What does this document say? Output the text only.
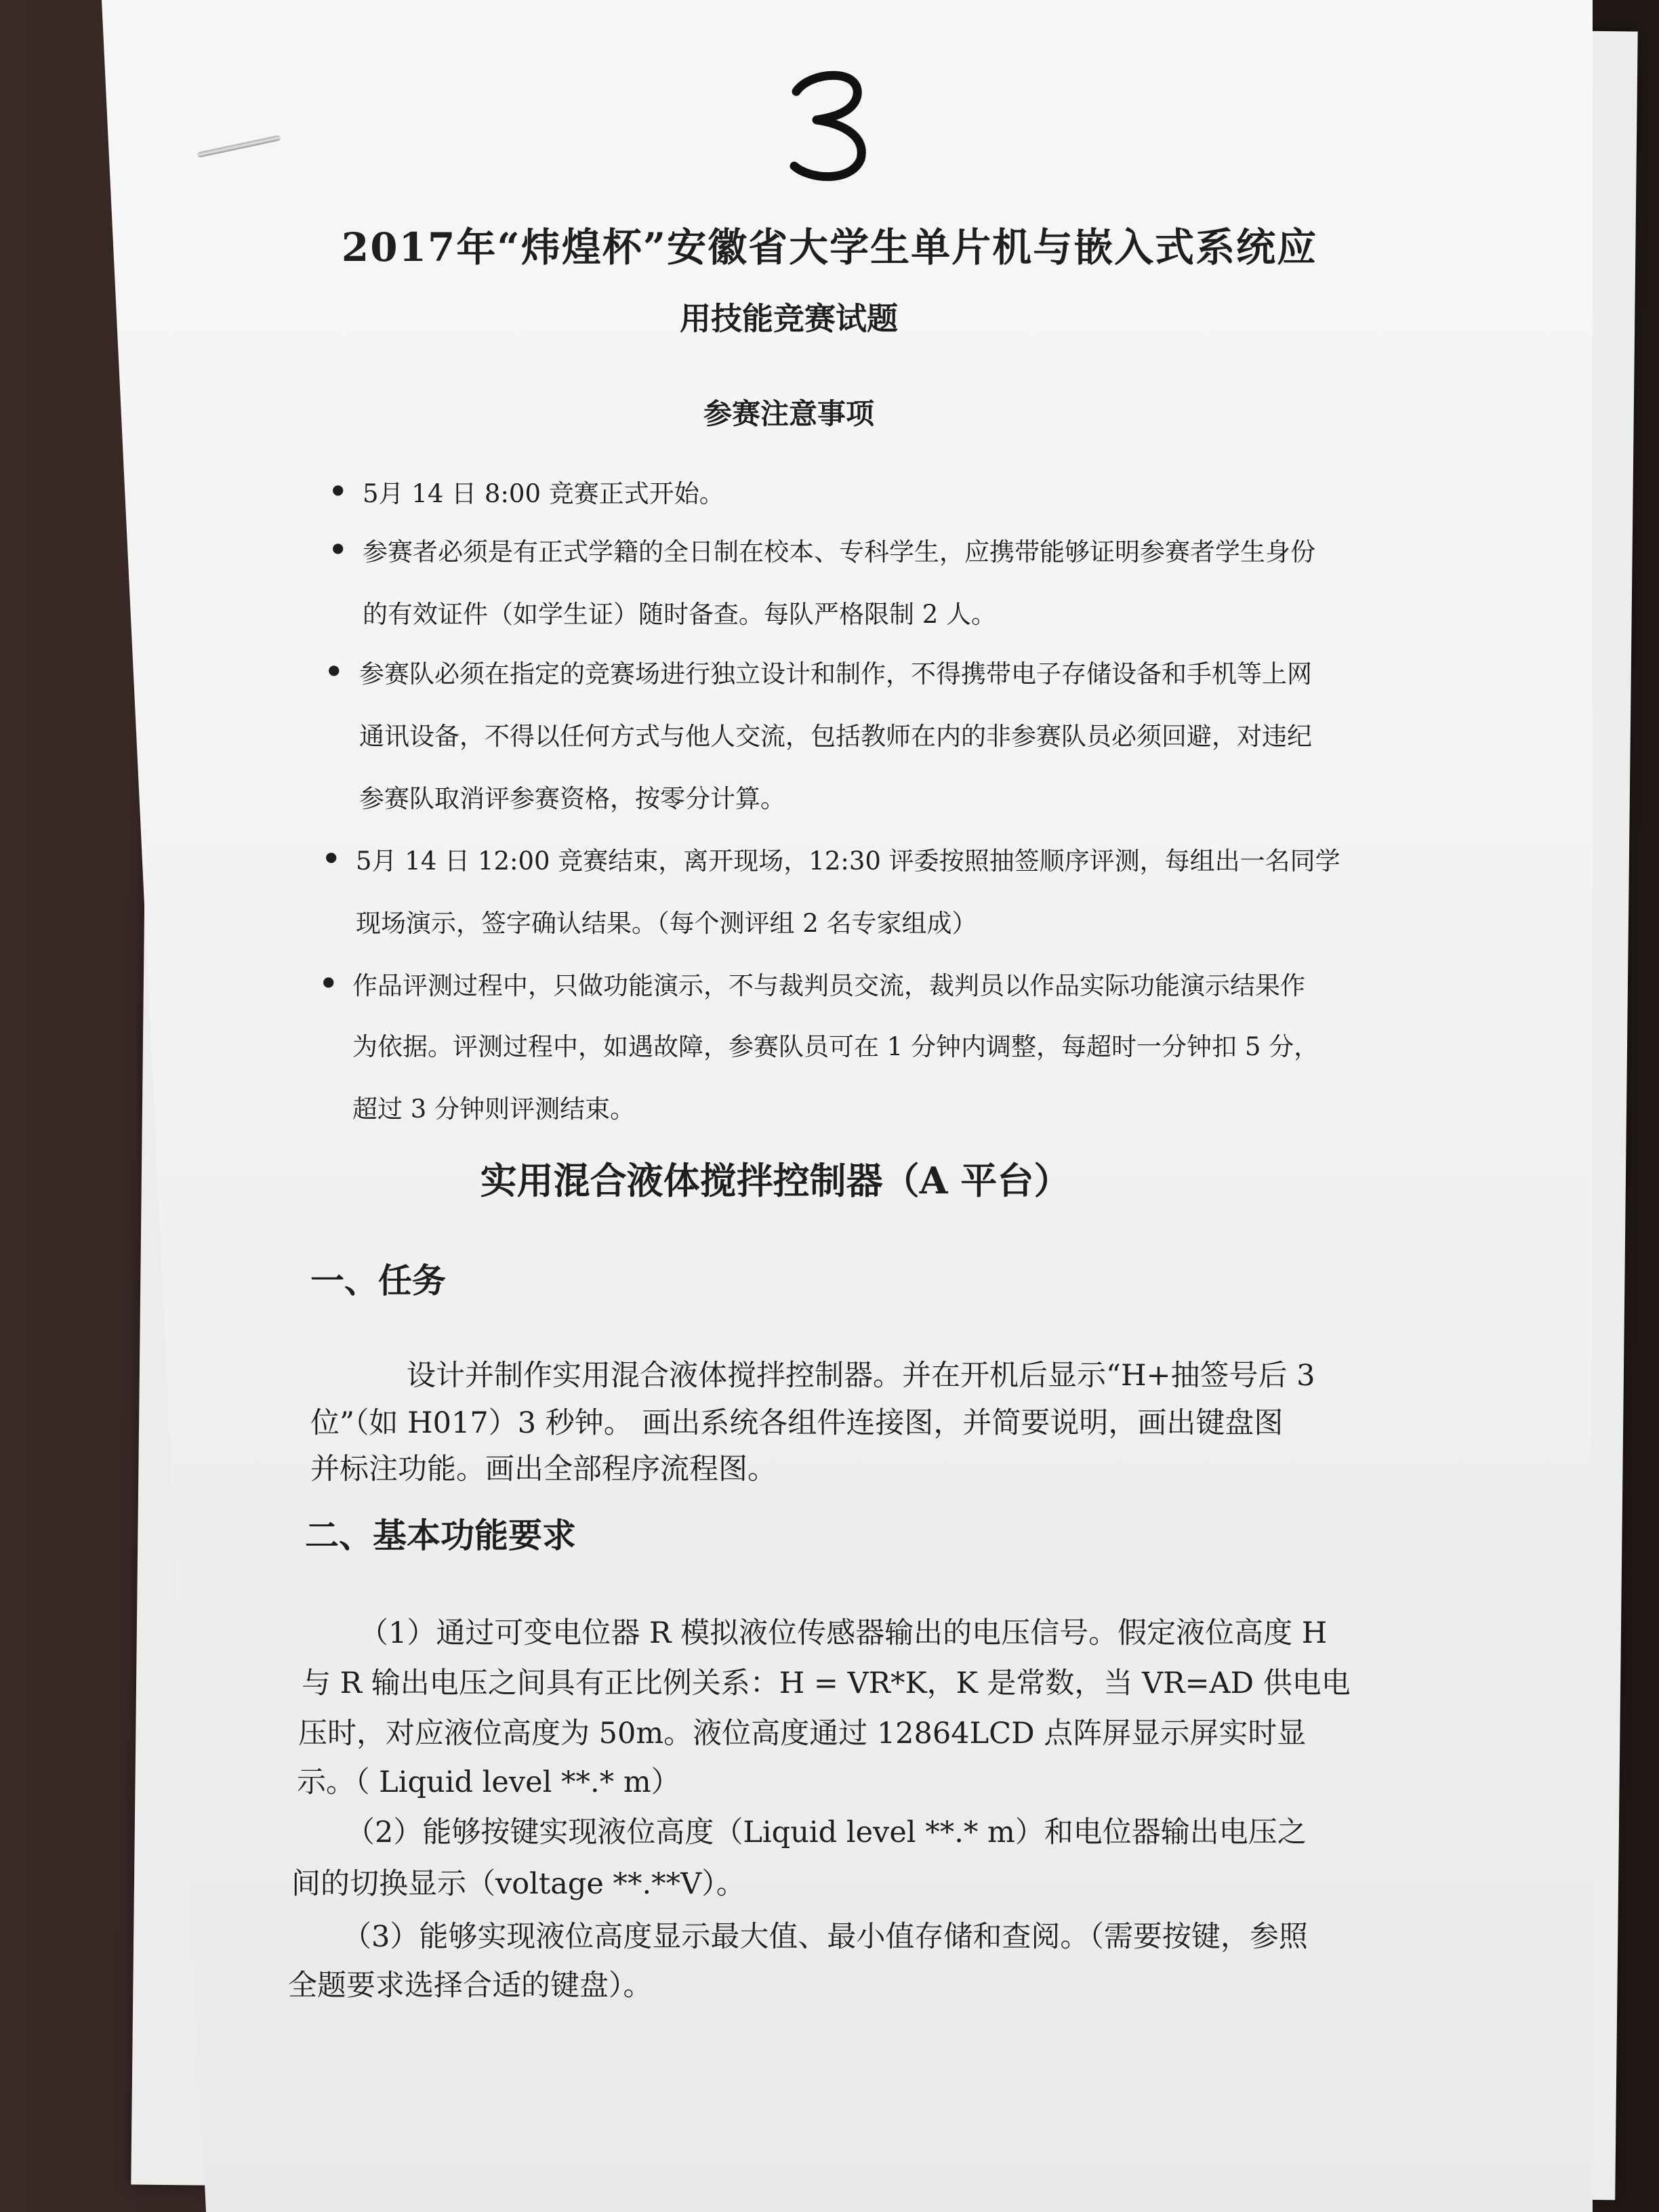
2017年“炜煌杯”安徽省大学生单片机与嵌入式系统应
用技能竞赛试题
参赛注意事项
● 5月 14 日 8:00 竞赛正式开始。
● 参赛者必须是有正式学籍的全日制在校本、专科学生，应携带能够证明参赛者学生身份
的有效证件（如学生证）随时备查。每队严格限制 2 人。
● 参赛队必须在指定的竞赛场进行独立设计和制作，不得携带电子存储设备和手机等上网
通讯设备，不得以任何方式与他人交流，包括教师在内的非参赛队员必须回避，对违纪
参赛队取消评参赛资格，按零分计算。
● 5月 14 日 12:00 竞赛结束，离开现场，12:30 评委按照抽签顺序评测，每组出一名同学
现场演示，签字确认结果。（每个测评组 2 名专家组成）
● 作品评测过程中，只做功能演示，不与裁判员交流，裁判员以作品实际功能演示结果作
为依据。评测过程中，如遇故障，参赛队员可在 1 分钟内调整，每超时一分钟扣 5 分，
超过 3 分钟则评测结束。
实用混合液体搅拌控制器（A 平台）
一、任务
设计并制作实用混合液体搅拌控制器。并在开机后显示“H+抽签号后 3
位”（如 H017）3 秒钟。 画出系统各组件连接图，并简要说明，画出键盘图
并标注功能。画出全部程序流程图。
二、基本功能要求
（1）通过可变电位器 R 模拟液位传感器输出的电压信号。假定液位高度 H
与 R 输出电压之间具有正比例关系：H = VR*K，K 是常数，当 VR=AD 供电电
压时，对应液位高度为 50m。液位高度通过 12864LCD 点阵屏显示屏实时显
示。（ Liquid level **.* m）
（2）能够按键实现液位高度（Liquid level **.* m）和电位器输出电压之
间的切换显示（voltage **.**V）。
（3）能够实现液位高度显示最大值、最小值存储和查阅。（需要按键，参照
全题要求选择合适的键盘）。
